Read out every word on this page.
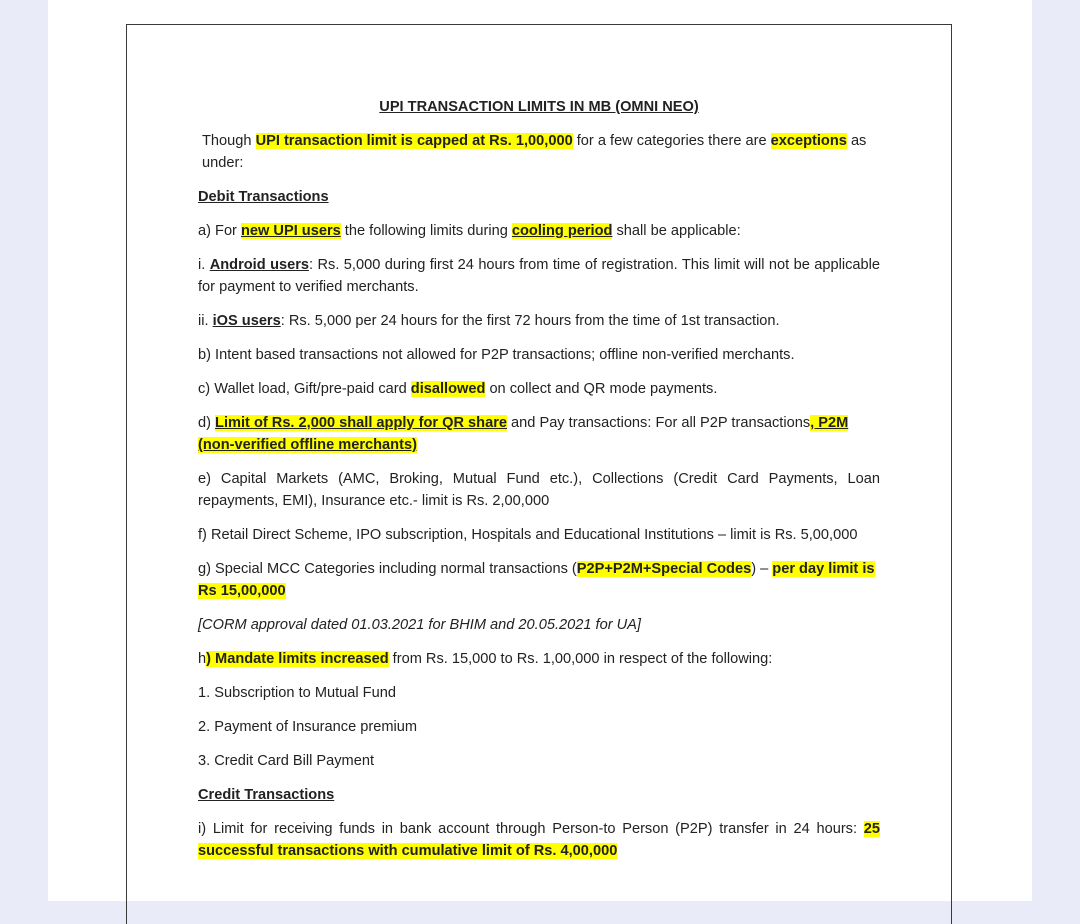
UPI TRANSACTION LIMITS IN MB (OMNI NEO)

Though UPI transaction limit is capped at Rs. 1,00,000 for a few categories there are exceptions as under:

Debit Transactions

a) For new UPI users the following limits during cooling period shall be applicable:

i. Android users: Rs. 5,000 during first 24 hours from time of registration. This limit will not be applicable for payment to verified merchants.

ii. iOS users: Rs. 5,000 per 24 hours for the first 72 hours from the time of 1st transaction.

b) Intent based transactions not allowed for P2P transactions; offline non-verified merchants.

c) Wallet load, Gift/pre-paid card disallowed on collect and QR mode payments.

d) Limit of Rs. 2,000 shall apply for QR share and Pay transactions: For all P2P transactions, P2M (non-verified offline merchants)

e) Capital Markets (AMC, Broking, Mutual Fund etc.), Collections (Credit Card Payments, Loan repayments, EMI), Insurance etc.- limit is Rs. 2,00,000

f) Retail Direct Scheme, IPO subscription, Hospitals and Educational Institutions – limit is Rs. 5,00,000

g) Special MCC Categories including normal transactions (P2P+P2M+Special Codes) – per day limit is Rs 15,00,000

[CORM approval dated 01.03.2021 for BHIM and 20.05.2021 for UA]

h) Mandate limits increased from Rs. 15,000 to Rs. 1,00,000 in respect of the following:

1. Subscription to Mutual Fund

2. Payment of Insurance premium

3. Credit Card Bill Payment

Credit Transactions

i) Limit for receiving funds in bank account through Person-to Person (P2P) transfer in 24 hours: 25 successful transactions with cumulative limit of Rs. 4,00,000
